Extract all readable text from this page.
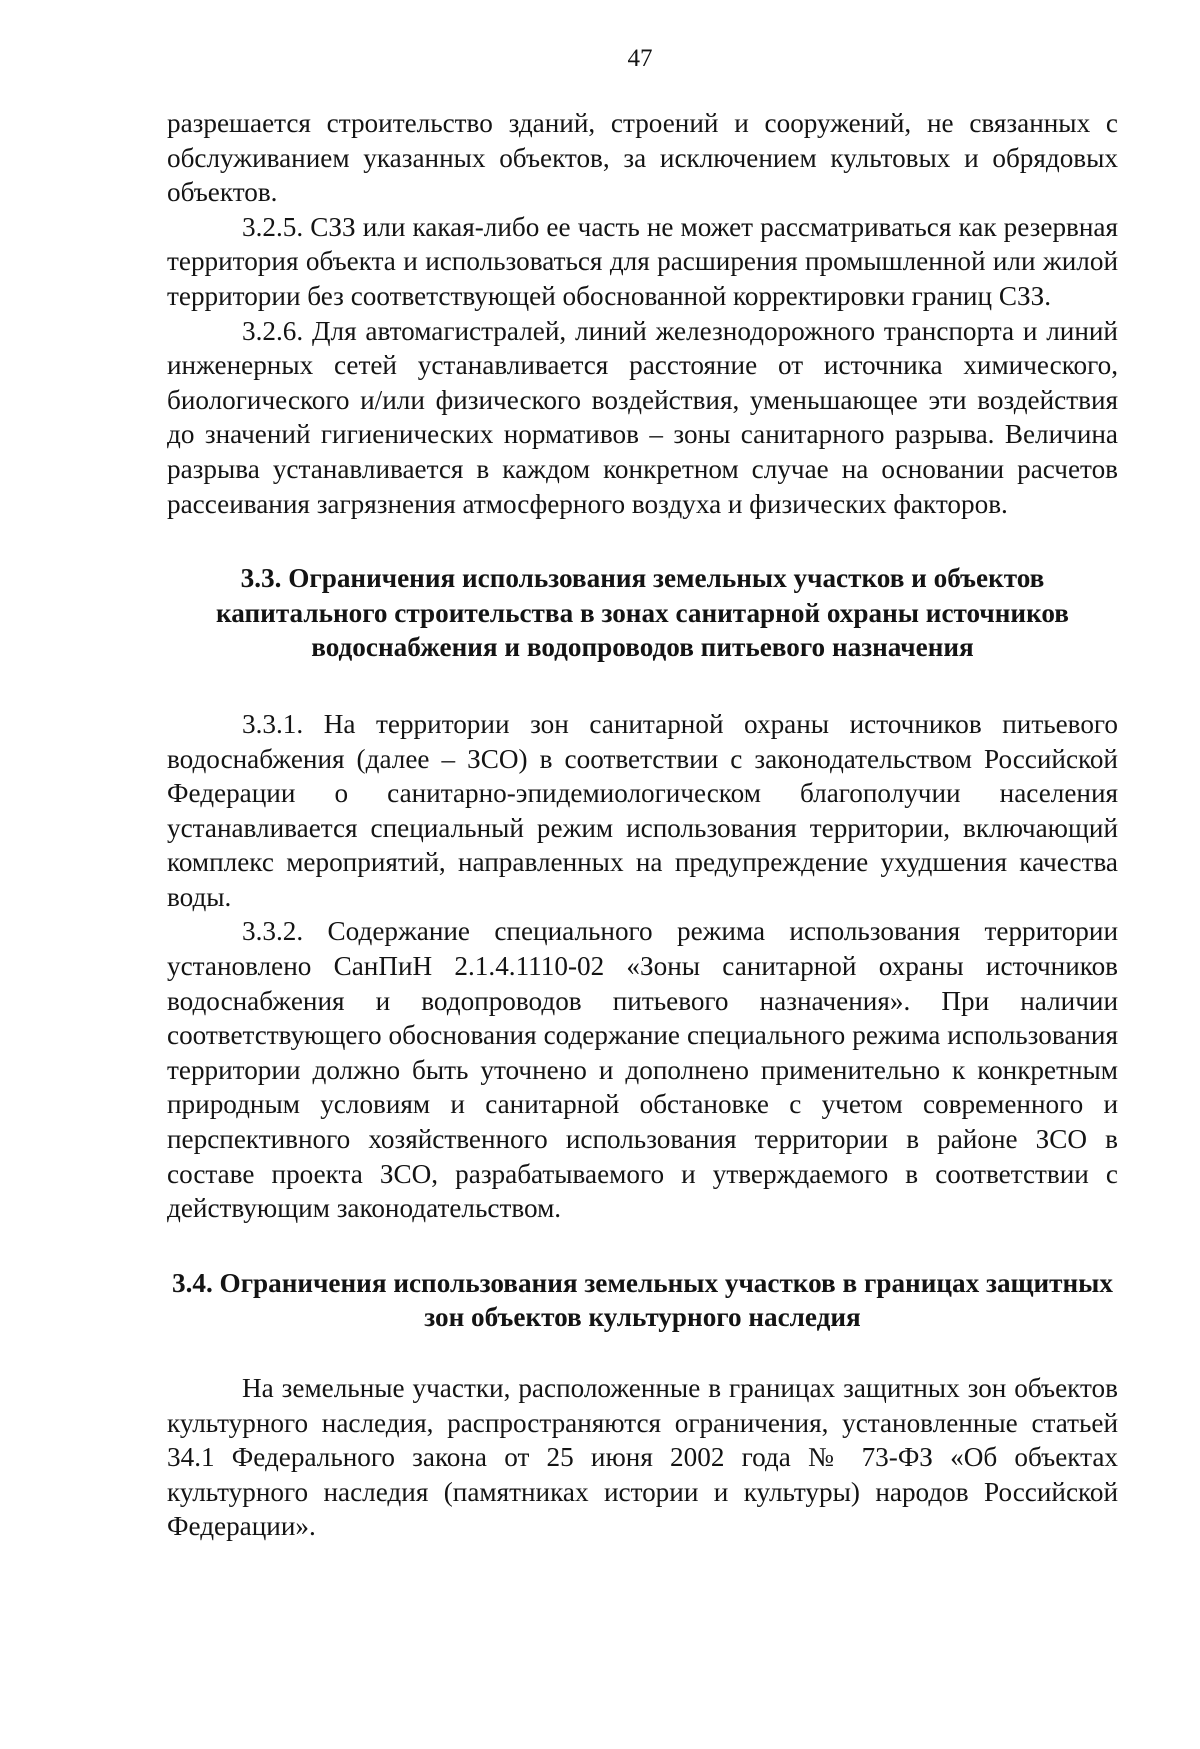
47

разрешается строительство зданий, строений и сооружений, не связанных с обслуживанием указанных объектов, за исключением культовых и обрядовых объектов.

3.2.5. СЗЗ или какая-либо ее часть не может рассматриваться как резервная территория объекта и использоваться для расширения промышленной или жилой территории без соответствующей обоснованной корректировки границ СЗЗ.

3.2.6. Для автомагистралей, линий железнодорожного транспорта и линий инженерных сетей устанавливается расстояние от источника химического, биологического и/или физического воздействия, уменьшающее эти воздействия до значений гигиенических нормативов – зоны санитарного разрыва. Величина разрыва устанавливается в каждом конкретном случае на основании расчетов рассеивания загрязнения атмосферного воздуха и физических факторов.

3.3. Ограничения использования земельных участков и объектов капитального строительства в зонах санитарной охраны источников водоснабжения и водопроводов питьевого назначения

3.3.1. На территории зон санитарной охраны источников питьевого водоснабжения (далее – ЗСО) в соответствии с законодательством Российской Федерации о санитарно-эпидемиологическом благополучии населения устанавливается специальный режим использования территории, включающий комплекс мероприятий, направленных на предупреждение ухудшения качества воды.

3.3.2. Содержание специального режима использования территории установлено СанПиН 2.1.4.1110-02 «Зоны санитарной охраны источников водоснабжения и водопроводов питьевого назначения». При наличии соответствующего обоснования содержание специального режима использования территории должно быть уточнено и дополнено применительно к конкретным природным условиям и санитарной обстановке с учетом современного и перспективного хозяйственного использования территории в районе ЗСО в составе проекта ЗСО, разрабатываемого и утверждаемого в соответствии с действующим законодательством.

3.4. Ограничения использования земельных участков в границах защитных зон объектов культурного наследия

На земельные участки, расположенные в границах защитных зон объектов культурного наследия, распространяются ограничения, установленные статьей 34.1 Федерального закона от 25 июня 2002 года № 73-ФЗ «Об объектах культурного наследия (памятниках истории и культуры) народов Российской Федерации».
